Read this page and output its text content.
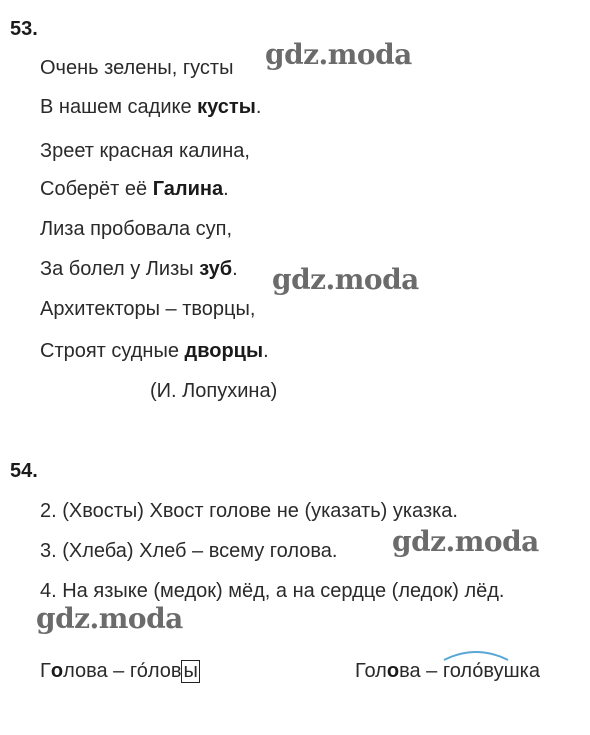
53.
Очень зелены, густы
В нашем садике кусты.
Зреет красная калина,
Соберёт её Галина.
Лиза пробовала суп,
За болел у Лизы зуб.
Архитекторы – творцы,
Строят судные дворцы.
(И. Лопухина)
54.
2. (Хвосты) Хвост голове не (указать) указка.
3. (Хлеба) Хлеб – всему голова.
4. На языке (медок) мёд, а на сердце (ледок) лёд.
Голова – го́лов ы	Голова –
голо́вушка
gdz.moda
gdz.moda
gdz.moda
gdz.moda
